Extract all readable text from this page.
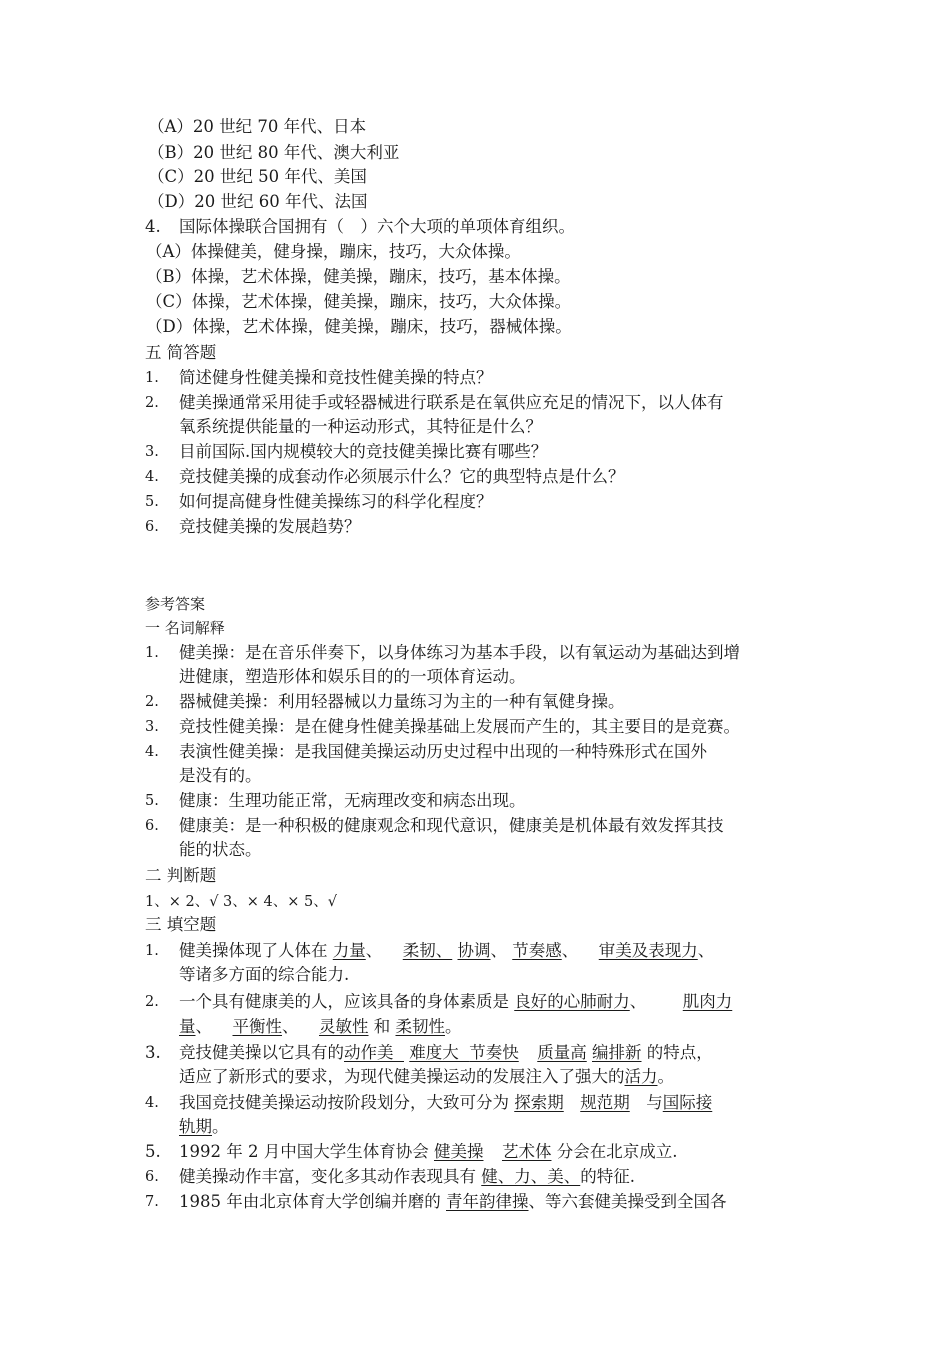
（A）20 世纪 70 年代、日本
（B）20 世纪 80 年代、澳大利亚
（C）20 世纪 50 年代、美国
（D）20 世纪 60 年代、法国
4.	国际体操联合国拥有（　）六个大项的单项体育组织。
（A）体操健美，健身操，蹦床，技巧，大众体操。
（B）体操，艺术体操，健美操，蹦床，技巧，基本体操。
（C）体操，艺术体操，健美操，蹦床，技巧，大众体操。
（D）体操，艺术体操，健美操，蹦床，技巧，器械体操。
五 简答题
1.	简述健身性健美操和竞技性健美操的特点？
2.	健美操通常采用徒手或轻器械进行联系是在氧供应充足的情况下，以人体有
氧系统提供能量的一种运动形式，其特征是什么？
3.	目前国际.国内规模较大的竞技健美操比赛有哪些？
4.	竞技健美操的成套动作必须展示什么？它的典型特点是什么？
5.	如何提高健身性健美操练习的科学化程度？
6.	竞技健美操的发展趋势？
参考答案
一 名词解释
1.	健美操：是在音乐伴奏下，以身体练习为基本手段，以有氧运动为基础达到增
进健康，塑造形体和娱乐目的的一项体育运动。
2.	器械健美操：利用轻器械以力量练习为主的一种有氧健身操。
3.	竞技性健美操：是在健身性健美操基础上发展而产生的，其主要目的是竞赛。
4.	表演性健美操：是我国健美操运动历史过程中出现的一种特殊形式在国外
是没有的。
5.	健康：生理功能正常，无病理改变和病态出现。
6.	健康美：是一种积极的健康观念和现代意识，健康美是机体最有效发挥其技
能的状态。
二 判断题
1、× 2、√ 3、× 4、× 5、√
三 填空题
1.	健美操体现了人体在 力量、 柔韧、 协调、 节奏感、 审美及表现力、
等诸多方面的综合能力.
2.	一个具有健康美的人，应该具备的身体素质是 良好的心肺耐力、 肌肉力
量、 平衡性、 灵敏性 和 柔韧性。
3.	竞技健美操以它具有的动作美   难度大  节奏快 质量高 编排新 的特点，
适应了新形式的要求，为现代健美操运动的发展注入了强大的活力。
4.	我国竞技健美操运动按阶段划分，大致可分为 探索期 规范期 与国际接
轨期。
5.	1992 年 2 月中国大学生体育协会 健美操 艺术体 分会在北京成立.
6.	健美操动作丰富，变化多其动作表现具有 健、力、美、的特征.
7.	1985 年由北京体育大学创编并磨的 青年韵律操、等六套健美操受到全国各
